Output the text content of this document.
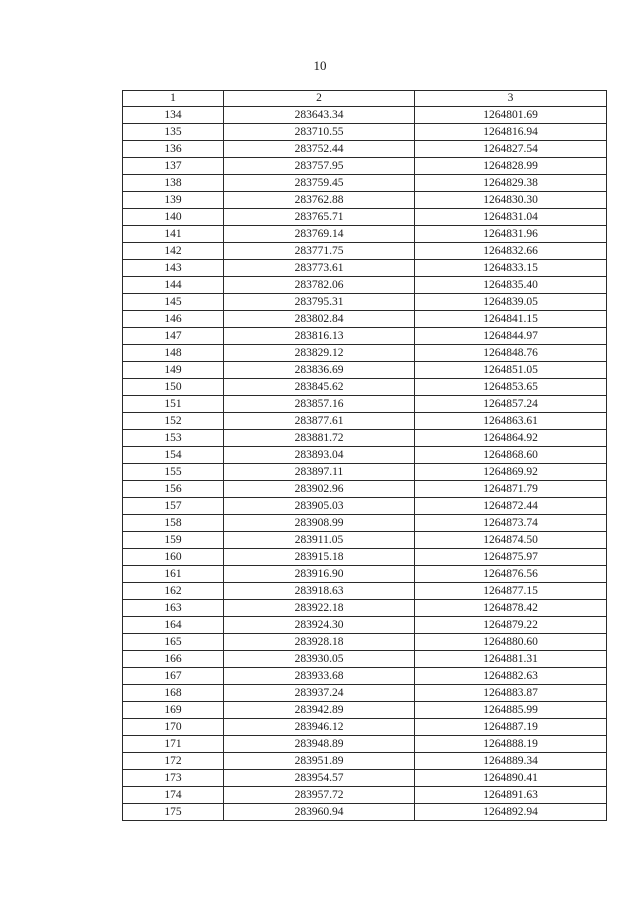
10
1	2	3
134	283643.34	1264801.69
135	283710.55	1264816.94
136	283752.44	1264827.54
137	283757.95	1264828.99
138	283759.45	1264829.38
139	283762.88	1264830.30
140	283765.71	1264831.04
141	283769.14	1264831.96
142	283771.75	1264832.66
143	283773.61	1264833.15
144	283782.06	1264835.40
145	283795.31	1264839.05
146	283802.84	1264841.15
147	283816.13	1264844.97
148	283829.12	1264848.76
149	283836.69	1264851.05
150	283845.62	1264853.65
151	283857.16	1264857.24
152	283877.61	1264863.61
153	283881.72	1264864.92
154	283893.04	1264868.60
155	283897.11	1264869.92
156	283902.96	1264871.79
157	283905.03	1264872.44
158	283908.99	1264873.74
159	283911.05	1264874.50
160	283915.18	1264875.97
161	283916.90	1264876.56
162	283918.63	1264877.15
163	283922.18	1264878.42
164	283924.30	1264879.22
165	283928.18	1264880.60
166	283930.05	1264881.31
167	283933.68	1264882.63
168	283937.24	1264883.87
169	283942.89	1264885.99
170	283946.12	1264887.19
171	283948.89	1264888.19
172	283951.89	1264889.34
173	283954.57	1264890.41
174	283957.72	1264891.63
175	283960.94	1264892.94
